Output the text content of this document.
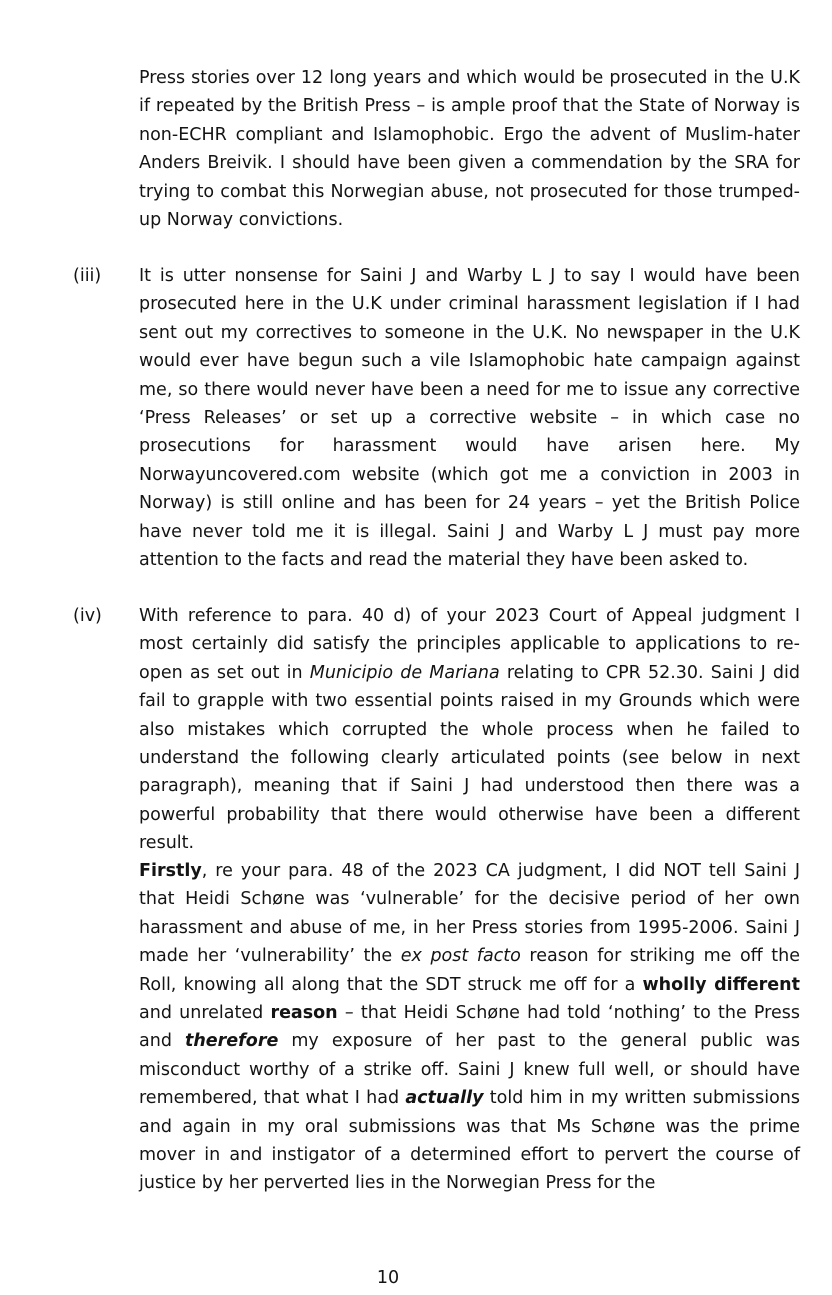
Press stories over 12 long years and which would be prosecuted in the U.K if repeated by the British Press – is ample proof that the State of Norway is non-ECHR compliant and Islamophobic. Ergo the advent of Muslim-hater Anders Breivik. I should have been given a commendation by the SRA for trying to combat this Norwegian abuse, not prosecuted for those trumped-up Norway convictions.

(iii) It is utter nonsense for Saini J and Warby L J to say I would have been prosecuted here in the U.K under criminal harassment legislation if I had sent out my correctives to someone in the U.K. No newspaper in the U.K would ever have begun such a vile Islamophobic hate campaign against me, so there would never have been a need for me to issue any corrective ‘Press Releases’ or set up a corrective website – in which case no prosecutions for harassment would have arisen here. My Norwayuncovered.com website (which got me a conviction in 2003 in Norway) is still online and has been for 24 years – yet the British Police have never told me it is illegal. Saini J and Warby L J must pay more attention to the facts and read the material they have been asked to.

(iv) With reference to para. 40 d) of your 2023 Court of Appeal judgment I most certainly did satisfy the principles applicable to applications to re-open as set out in Municipio de Mariana relating to CPR 52.30. Saini J did fail to grapple with two essential points raised in my Grounds which were also mistakes which corrupted the whole process when he failed to understand the following clearly articulated points (see below in next paragraph), meaning that if Saini J had understood then there was a powerful probability that there would otherwise have been a different result.

Firstly, re your para. 48 of the 2023 CA judgment, I did NOT tell Saini J that Heidi Schøne was ‘vulnerable’ for the decisive period of her own harassment and abuse of me, in her Press stories from 1995-2006. Saini J made her ‘vulnerability’ the ex post facto reason for striking me off the Roll, knowing all along that the SDT struck me off for a wholly different and unrelated reason – that Heidi Schøne had told ‘nothing’ to the Press and therefore my exposure of her past to the general public was misconduct worthy of a strike off. Saini J knew full well, or should have remembered, that what I had actually told him in my written submissions and again in my oral submissions was that Ms Schøne was the prime mover in and instigator of a determined effort to pervert the course of justice by her perverted lies in the Norwegian Press for the

10
